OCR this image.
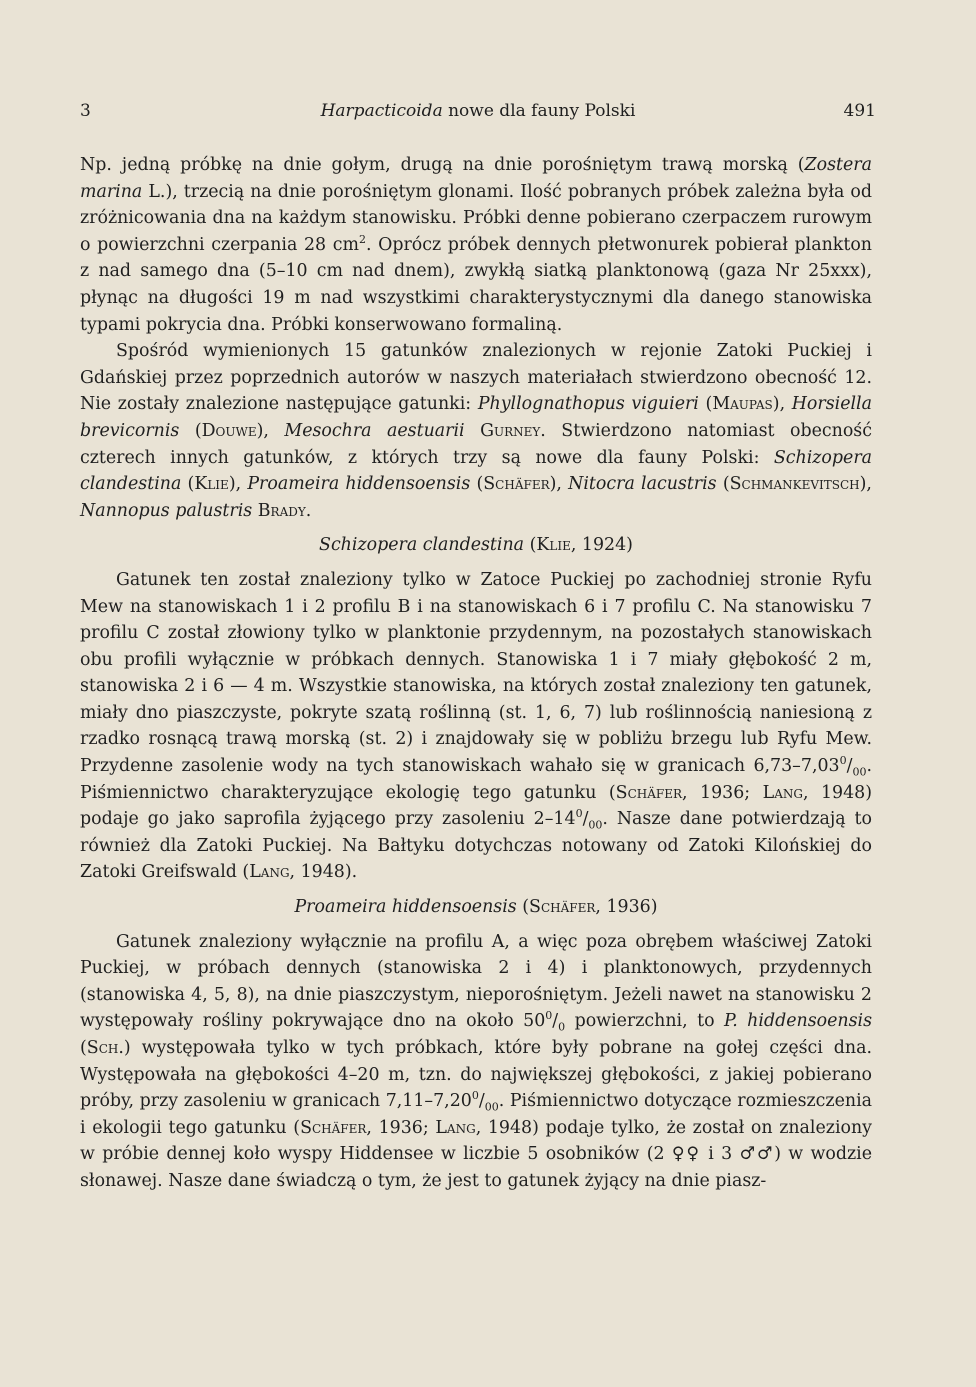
3	Harpacticoida nowe dla fauny Polski	491

Np. jedną próbkę na dnie gołym, drugą na dnie porośniętym trawą morską (Zostera marina L.), trzecią na dnie porośniętym glonami. Ilość pobranych próbek zależna była od zróżnicowania dna na każdym stanowisku. Próbki denne pobierano czerpaczem rurowym o powierzchni czerpania 28 $cm^2$. Oprócz próbek dennych płetwonurek pobierał plankton z nad samego dna (5–10 cm nad dnem), zwykłą siatką planktonową (gaza Nr 25xxx), płynąc na długości 19 m nad wszystkimi charakterystycznymi dla danego stanowiska typami pokrycia dna. Próbki konserwowano formaliną.

Spośród wymienionych 15 gatunków znalezionych w rejonie Zatoki Puckiej i Gdańskiej przez poprzednich autorów w naszych materiałach stwierdzono obecność 12. Nie zostały znalezione następujące gatunki: Phyllognathopus viguieri (Maupas), Horsiella brevicornis (Douwe), Mesochra aestuarii Gurney. Stwierdzono natomiast obecność czterech innych gatunków, z których trzy są nowe dla fauny Polski: Schizopera clandestina (Klie), Proameira hiddensoensis (Schäfer), Nitocra lacustris (Schmankevitsch), Nannopus palustris Brady.

Schizopera clandestina (Klie, 1924)

Gatunek ten został znaleziony tylko w Zatoce Puckiej po zachodniej stronie Ryfu Mew na stanowiskach 1 i 2 profilu B i na stanowiskach 6 i 7 profilu C. Na stanowisku 7 profilu C został złowiony tylko w planktonie przydennym, na pozostałych stanowiskach obu profili wyłącznie w próbkach dennych. Stanowiska 1 i 7 miały głębokość 2 m, stanowiska 2 i 6 — 4 m. Wszystkie stanowiska, na których został znaleziony ten gatunek, miały dno piaszczyste, pokryte szatą roślinną (st. 1, 6, 7) lub roślinnością naniesioną z rzadko rosnącą trawą morską (st. 2) i znajdowały się w pobliżu brzegu lub Ryfu Mew. Przydenne zasolenie wody na tych stanowiskach wahało się w granicach $6,73-7,03^0/_{00}$. Piśmiennictwo charakteryzujące ekologię tego gatunku (Schäfer, 1936; Lang, 1948) podaje go jako saprofila żyjącego przy zasoleniu $2-14^0/_{00}$. Nasze dane potwierdzają to również dla Zatoki Puckiej. Na Bałtyku dotychczas notowany od Zatoki Kilońskiej do Zatoki Greifswald (Lang, 1948).

Proameira hiddensoensis (Schäfer, 1936)

Gatunek znaleziony wyłącznie na profilu A, a więc poza obrębem właściwej Zatoki Puckiej, w próbach dennych (stanowiska 2 i 4) i planktonowych, przydennych (stanowiska 4, 5, 8), na dnie piaszczystym, nieporośniętym. Jeżeli nawet na stanowisku 2 występowały rośliny pokrywające dno na około $50^0/_0$ powierzchni, to P. hiddensoensis (Sch.) występowała tylko w tych próbkach, które były pobrane na gołej części dna. Występowała na głębokości 4–20 m, tzn. do największej głębokości, z jakiej pobierano próby, przy zasoleniu w granicach $7,11-7,20^0/_{00}$. Piśmiennictwo dotyczące rozmieszczenia i ekologii tego gatunku (Schäfer, 1936; Lang, 1948) podaje tylko, że został on znaleziony w próbie dennej koło wyspy Hiddensee w liczbie 5 osobników (2 ♀♀ i 3 ♂♂) w wodzie słonawej. Nasze dane świadczą o tym, że jest to gatunek żyjący na dnie piasz-
